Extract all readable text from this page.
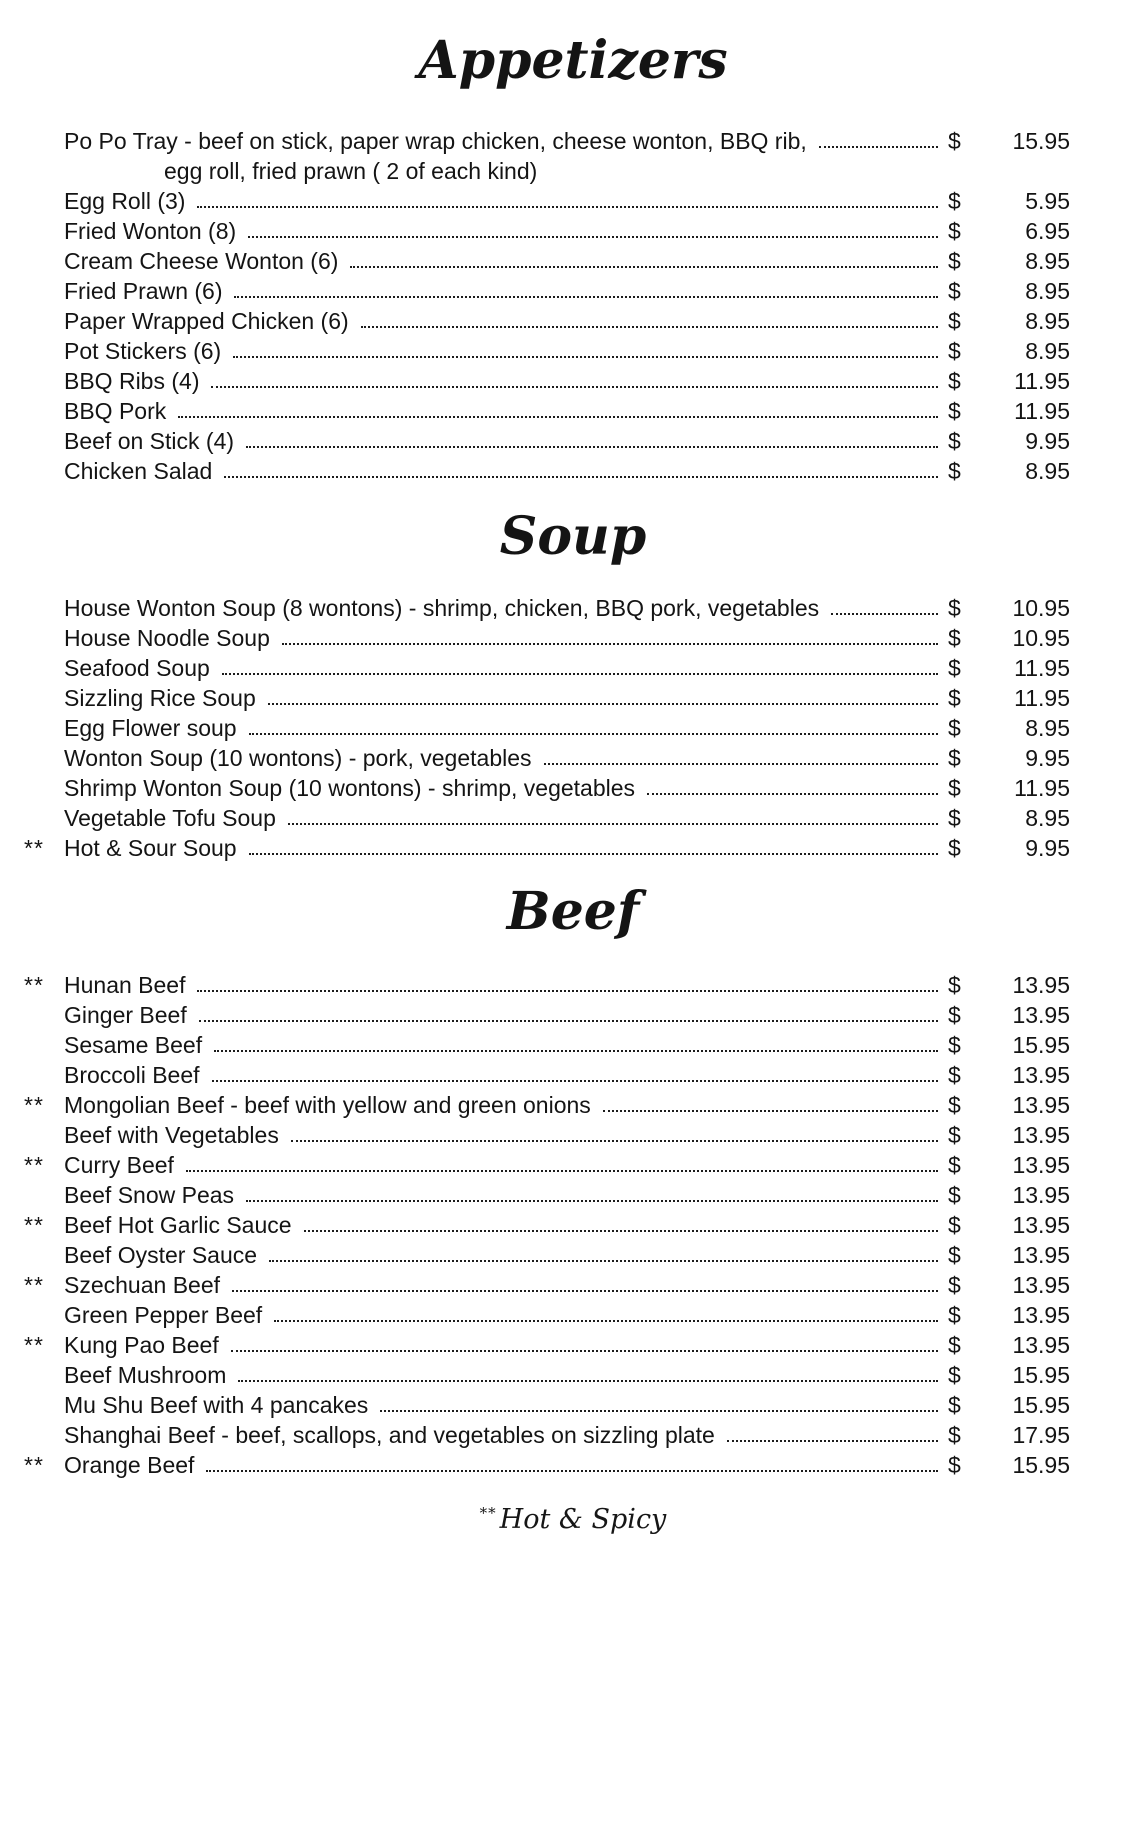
Appetizers
Po Po Tray - beef on stick, paper wrap chicken, cheese wonton, BBQ rib,	$	15.95
egg roll, fried prawn ( 2 of each kind)
Egg Roll (3)	$	5.95
Fried Wonton (8)	$	6.95
Cream Cheese Wonton (6)	$	8.95
Fried Prawn (6)	$	8.95
Paper Wrapped Chicken (6)	$	8.95
Pot Stickers (6)	$	8.95
BBQ Ribs (4)	$	11.95
BBQ Pork	$	11.95
Beef on Stick (4)	$	9.95
Chicken Salad	$	8.95
Soup
House Wonton Soup (8 wontons) - shrimp, chicken, BBQ pork, vegetables	$	10.95
House Noodle Soup	$	10.95
Seafood Soup	$	11.95
Sizzling Rice Soup	$	11.95
Egg Flower soup	$	8.95
Wonton Soup (10 wontons) - pork, vegetables	$	9.95
Shrimp Wonton Soup (10 wontons) - shrimp, vegetables	$	11.95
Vegetable Tofu Soup	$	8.95
** Hot & Sour Soup	$	9.95
Beef
** Hunan Beef	$	13.95
Ginger Beef	$	13.95
Sesame Beef	$	15.95
Broccoli Beef	$	13.95
** Mongolian Beef - beef with yellow and green onions	$	13.95
Beef with Vegetables	$	13.95
** Curry Beef	$	13.95
Beef Snow Peas	$	13.95
** Beef Hot Garlic Sauce	$	13.95
Beef Oyster Sauce	$	13.95
** Szechuan Beef	$	13.95
Green Pepper Beef	$	13.95
** Kung Pao Beef	$	13.95
Beef Mushroom	$	15.95
Mu Shu Beef with 4 pancakes	$	15.95
Shanghai Beef - beef, scallops, and vegetables on sizzling plate	$	17.95
** Orange Beef	$	15.95
** Hot & Spicy
